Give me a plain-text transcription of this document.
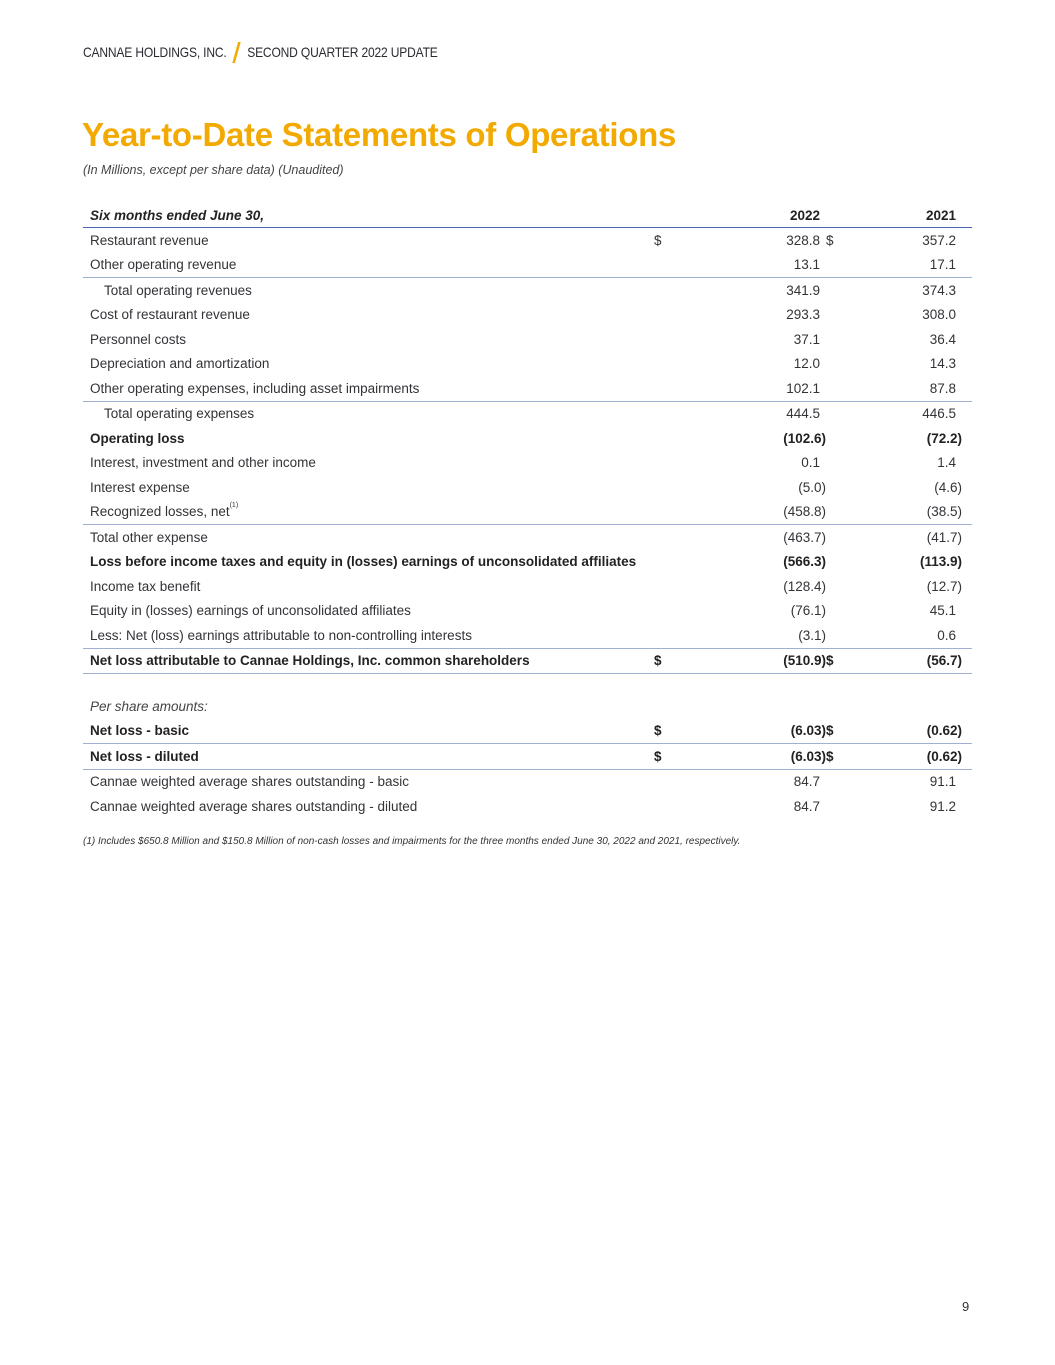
CANNAE HOLDINGS, INC. SECOND QUARTER 2022 UPDATE
Year-to-Date Statements of Operations
(In Millions, except per share data) (Unaudited)
Six months ended June 30,		2022		2021
Restaurant revenue	$	328.8	$	357.2
Other operating revenue		13.1		17.1
Total operating revenues		341.9		374.3
Cost of restaurant revenue		293.3		308.0
Personnel costs		37.1		36.4
Depreciation and amortization		12.0		14.3
Other operating expenses, including asset impairments		102.1		87.8
Total operating expenses		444.5		446.5
Operating loss		(102.6)		(72.2)
Interest, investment and other income		0.1		1.4
Interest expense		(5.0)		(4.6)
Recognized losses, net$^{(1)}$		(458.8)		(38.5)
Total other expense		(463.7)		(41.7)
Loss before income taxes and equity in (losses) earnings of unconsolidated affiliates		(566.3)		(113.9)
Income tax benefit		(128.4)		(12.7)
Equity in (losses) earnings of unconsolidated affiliates		(76.1)		45.1
Less: Net (loss) earnings attributable to non-controlling interests		(3.1)		0.6
Net loss attributable to Cannae Holdings, Inc. common shareholders	$	(510.9)	$	(56.7)

Per share amounts:				
Net loss - basic	$	(6.03)	$	(0.62)
Net loss - diluted	$	(6.03)	$	(0.62)
Cannae weighted average shares outstanding - basic		84.7		91.1
Cannae weighted average shares outstanding - diluted		84.7		91.2
(1) Includes $650.8 Million and $150.8 Million of non-cash losses and impairments for the three months ended June 30, 2022 and 2021, respectively.
9
